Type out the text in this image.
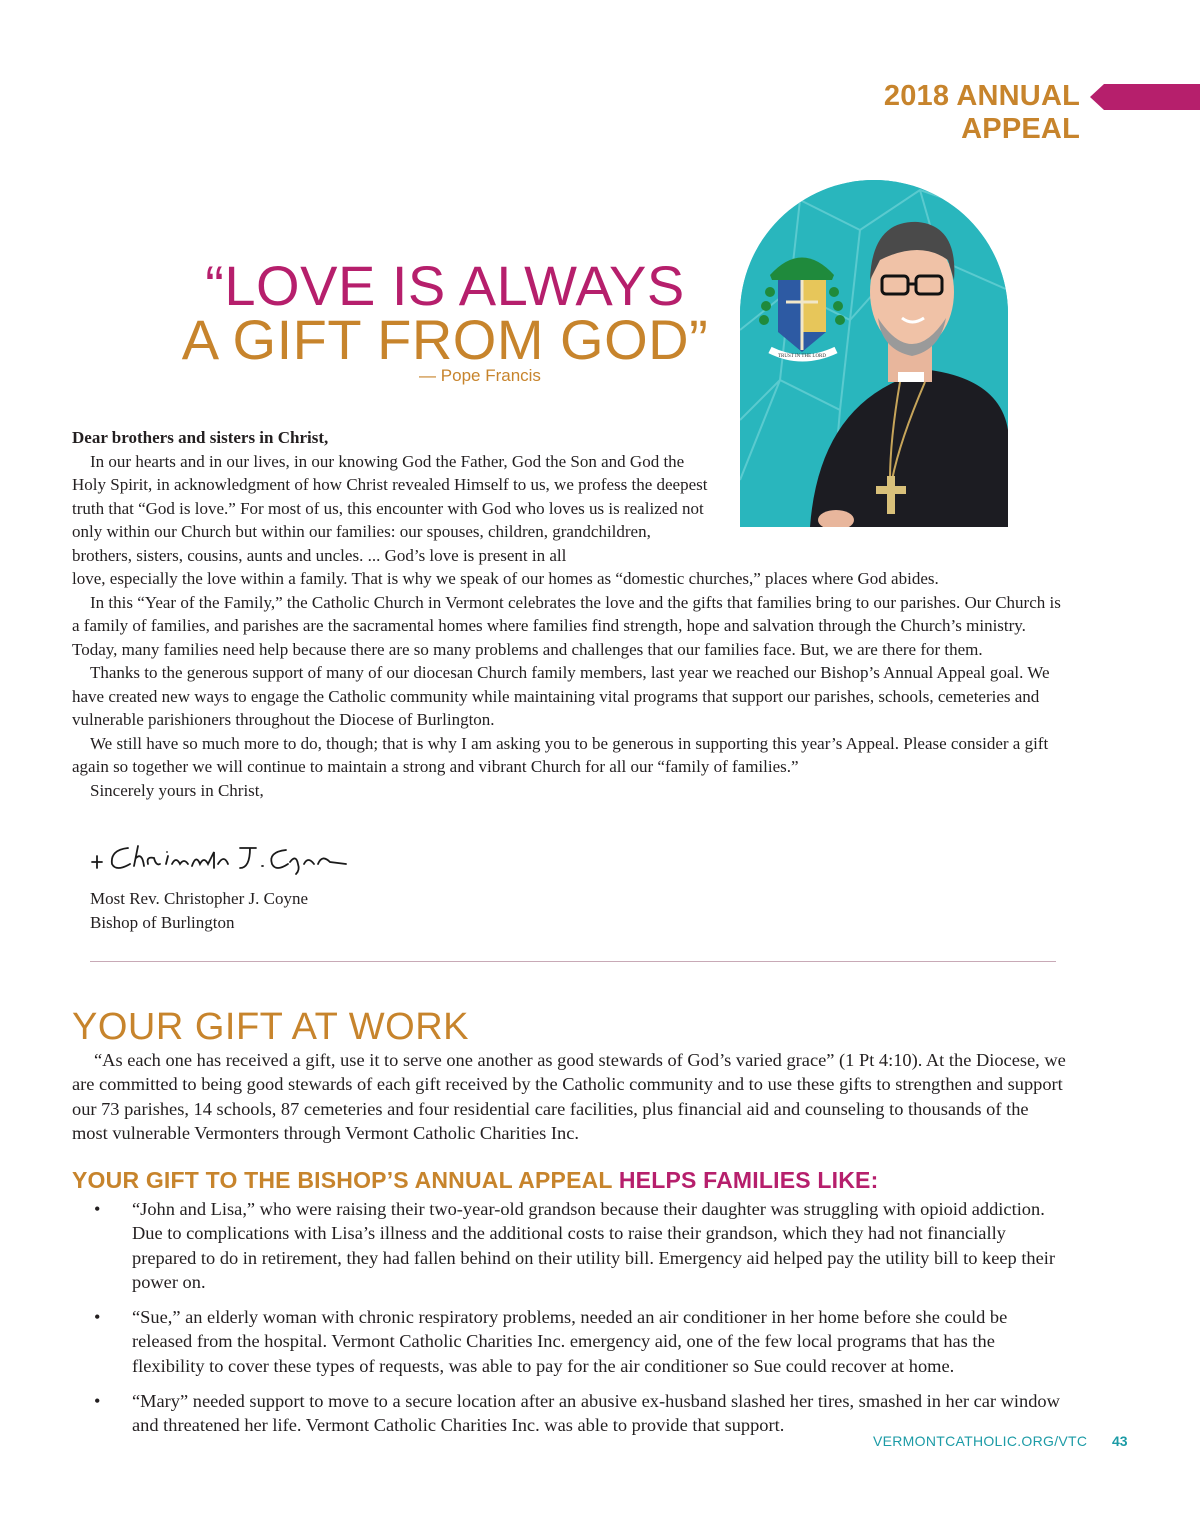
2018 ANNUAL APPEAL
“LOVE IS ALWAYS
A GIFT FROM GOD”
— Pope Francis
TRUST IN THE LORD

Dear brothers and sisters in Christ,

In our hearts and in our lives, in our knowing God the Father, God the Son and God the Holy Spirit, in acknowledgment of how Christ revealed Himself to us, we profess the deepest truth that “God is love.” For most of us, this encounter with God who loves us is realized not only within our Church but within our families: our spouses, children, grandchildren, brothers, sisters, cousins, aunts and uncles. ... God’s love is present in all

love, especially the love within a family. That is why we speak of our homes as “domestic churches,” places where God abides.

In this “Year of the Family,” the Catholic Church in Vermont celebrates the love and the gifts that families bring to our parishes. Our Church is a family of families, and parishes are the sacramental homes where families find strength, hope and salvation through the Church’s ministry. Today, many families need help because there are so many problems and challenges that our families face. But, we are there for them.

Thanks to the generous support of many of our diocesan Church family members, last year we reached our Bishop’s Annual Appeal goal. We have created new ways to engage the Catholic community while maintaining vital programs that support our parishes, schools, cemeteries and vulnerable parishioners throughout the Diocese of Burlington.

We still have so much more to do, though; that is why I am asking you to be generous in supporting this year’s Appeal. Please consider a gift again so together we will continue to maintain a strong and vibrant Church for all our “family of families.”

Sincerely yours in Christ,

Most Rev. Christopher J. Coyne
Bishop of Burlington
YOUR GIFT AT WORK
“As each one has received a gift, use it to serve one another as good stewards of God’s varied grace” (1 Pt 4:10). At the Diocese, we are committed to being good stewards of each gift received by the Catholic community and to use these gifts to strengthen and support our 73 parishes, 14 schools, 87 cemeteries and four residential care facilities, plus financial aid and counseling to thousands of the most vulnerable Vermonters through Vermont Catholic Charities Inc.
YOUR GIFT TO THE BISHOP’S ANNUAL APPEAL HELPS FAMILIES LIKE:
• “John and Lisa,” who were raising their two-year-old grandson because their daughter was struggling with opioid addiction. Due to complications with Lisa’s illness and the additional costs to raise their grandson, which they had not financially prepared to do in retirement, they had fallen behind on their utility bill. Emergency aid helped pay the utility bill to keep their power on.
• “Sue,” an elderly woman with chronic respiratory problems, needed an air conditioner in her home before she could be released from the hospital. Vermont Catholic Charities Inc. emergency aid, one of the few local programs that has the flexibility to cover these types of requests, was able to pay for the air conditioner so Sue could recover at home.
• “Mary” needed support to move to a secure location after an abusive ex-husband slashed her tires, smashed in her car window and threatened her life. Vermont Catholic Charities Inc. was able to provide that support.
VERMONTCATHOLIC.ORG/VTC 43
